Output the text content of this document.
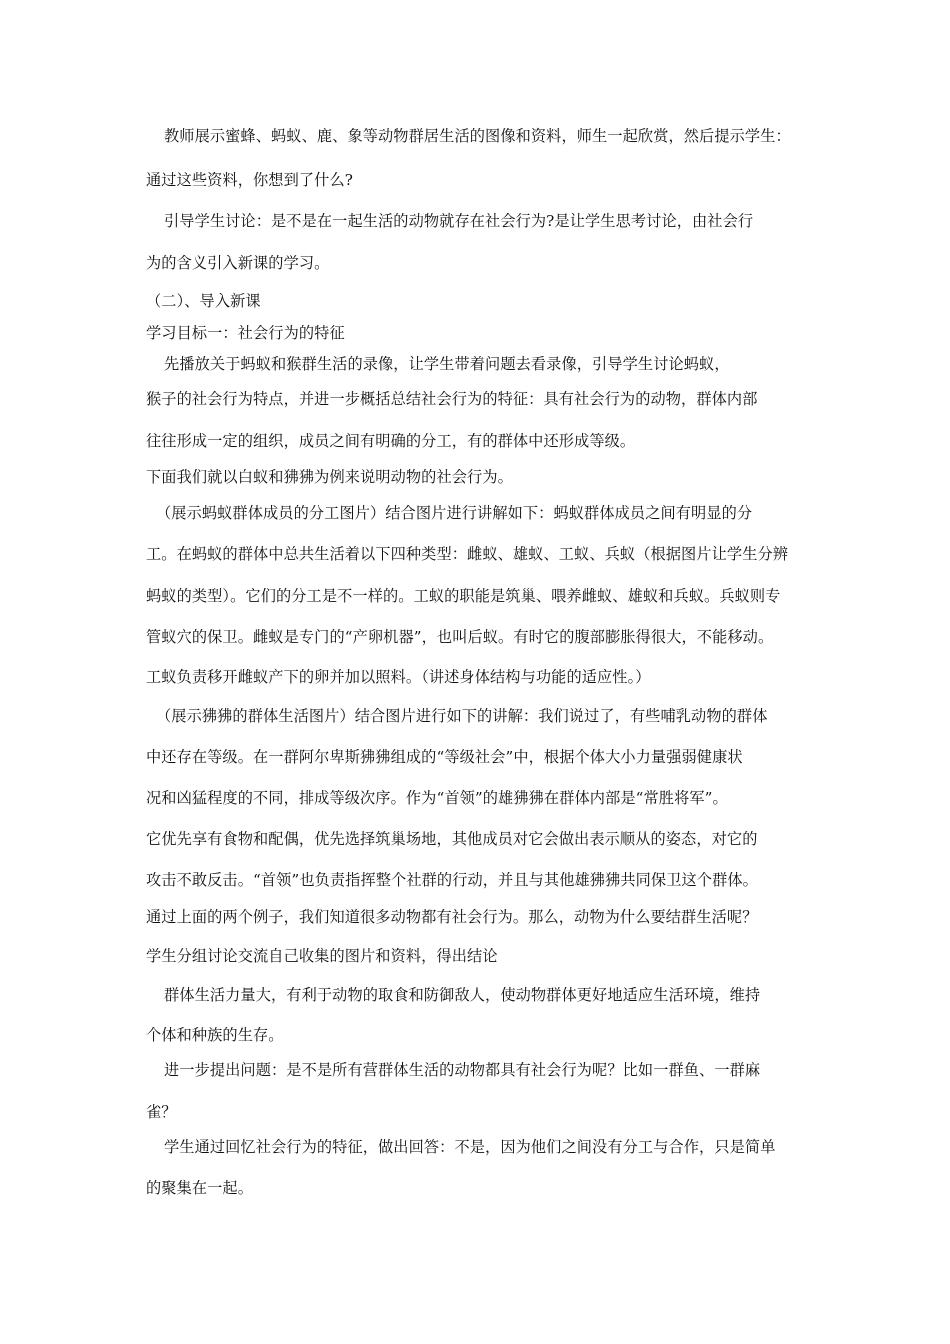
教师展示蜜蜂、蚂蚁、鹿、象等动物群居生活的图像和资料，师生一起欣赏，然后提示学生：
通过这些资料，你想到了什么?
引导学生讨论：是不是在一起生活的动物就存在社会行为?是让学生思考讨论，由社会行
为的含义引入新课的学习。
（二）、导入新课
学习目标一：社会行为的特征
先播放关于蚂蚁和猴群生活的录像，让学生带着问题去看录像，引导学生讨论蚂蚁，
猴子的社会行为特点，并进一步概括总结社会行为的特征：具有社会行为的动物，群体内部
往往形成一定的组织，成员之间有明确的分工，有的群体中还形成等级。
下面我们就以白蚁和狒狒为例来说明动物的社会行为。
（展示蚂蚁群体成员的分工图片）结合图片进行讲解如下：蚂蚁群体成员之间有明显的分
工。在蚂蚁的群体中总共生活着以下四种类型：雌蚁、雄蚁、工蚁、兵蚁（根据图片让学生分辨
蚂蚁的类型）。它们的分工是不一样的。工蚁的职能是筑巢、喂养雌蚁、雄蚁和兵蚁。兵蚁则专
管蚁穴的保卫。雌蚁是专门的“产卵机器”，也叫后蚁。有时它的腹部膨胀得很大，不能移动。
工蚁负责移开雌蚁产下的卵并加以照料。（讲述身体结构与功能的适应性。）
（展示狒狒的群体生活图片）结合图片进行如下的讲解：我们说过了，有些哺乳动物的群体
中还存在等级。在一群阿尔卑斯狒狒组成的“等级社会”中，根据个体大小力量强弱健康状
况和凶猛程度的不同，排成等级次序。作为“首领”的雄狒狒在群体内部是“常胜将军”。
它优先享有食物和配偶，优先选择筑巢场地，其他成员对它会做出表示顺从的姿态，对它的
攻击不敢反击。“首领”也负责指挥整个社群的行动，并且与其他雄狒狒共同保卫这个群体。
通过上面的两个例子，我们知道很多动物都有社会行为。那么，动物为什么要结群生活呢？
学生分组讨论交流自己收集的图片和资料，得出结论
群体生活力量大，有利于动物的取食和防御敌人，使动物群体更好地适应生活环境，维持
个体和种族的生存。
进一步提出问题：是不是所有营群体生活的动物都具有社会行为呢？比如一群鱼、一群麻
雀？
学生通过回忆社会行为的特征，做出回答：不是，因为他们之间没有分工与合作，只是简单
的聚集在一起。
